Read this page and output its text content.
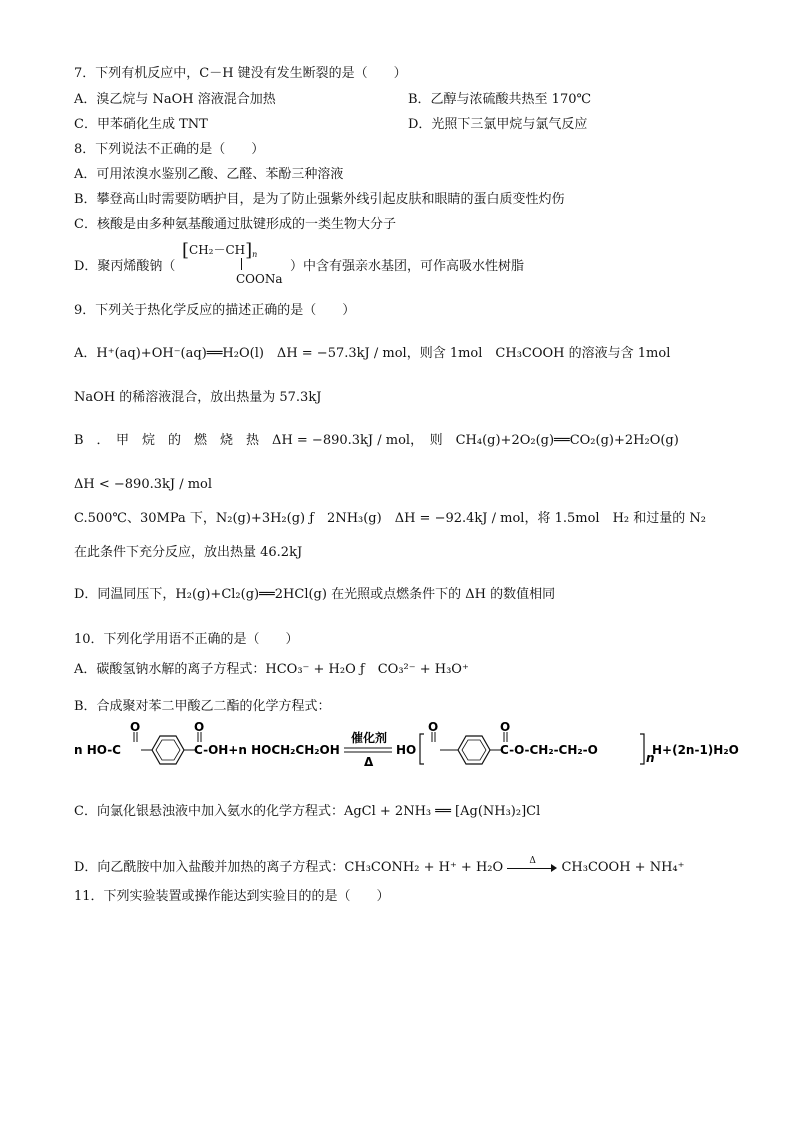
7．下列有机反应中，C－H 键没有发生断裂的是（　　）
A．溴乙烷与 NaOH 溶液混合加热	B．乙醇与浓硫酸共热至 170℃
C．甲苯硝化生成 TNT	D．光照下三氯甲烷与氯气反应
8．下列说法不正确的是（　　）
A．可用浓溴水鉴别乙酸、乙醛、苯酚三种溶液
B．攀登高山时需要防晒护目，是为了防止强紫外线引起皮肤和眼睛的蛋白质变性灼伤
C．核酸是由多种氨基酸通过肽键形成的一类生物大分子
D．聚丙烯酸钠（
$[CH_2-CH]_n$
COONa
）中含有强亲水基团，可作高吸水性树脂
9．下列关于热化学反应的描述正确的是（　　）
A．H⁺(aq)+OH⁻(aq)══H₂O(l)　ΔH = −57.3kJ / mol，则含 1mol　CH₃COOH 的溶液与含 1mol
NaOH 的稀溶液混合，放出热量为 57.3kJ
B　．　甲　烷　的　燃　烧　热　ΔH = −890.3kJ / mol，　则　CH₄(g)+2O₂(g)══CO₂(g)+2H₂O(g)
ΔH < −890.3kJ / mol
C.500℃、30MPa 下，N₂(g)+3H₂(g) ƒ　2NH₃(g)　ΔH = −92.4kJ / mol，将 1.5mol　H₂ 和过量的 N₂
在此条件下充分反应，放出热量 46.2kJ
D．同温同压下，H₂(g)+Cl₂(g)══2HCl(g) 在光照或点燃条件下的 ΔH 的数值相同
10．下列化学用语不正确的是（　　）
A．碳酸氢钠水解的离子方程式：HCO₃⁻ + H₂O ƒ　CO₃²⁻ + H₃O⁺
B．合成聚对苯二甲酸乙二酯的化学方程式：
O	O	O	O
n HO-C	C-OH+n HOCH₂CH₂OH
催化剂
Δ
HO	C-O-CH₂-CH₂-O
n
H+(2n-1)H₂O
C．向氯化银悬浊液中加入氨水的化学方程式：AgCl + 2NH₃ ══ [Ag(NH₃)₂]Cl
D．向乙酰胺中加入盐酸并加热的离子方程式：CH₃CONH₂ + H⁺ + H₂O	Δ CH₃COOH + NH₄⁺
11．下列实验装置或操作能达到实验目的的是（　　）
